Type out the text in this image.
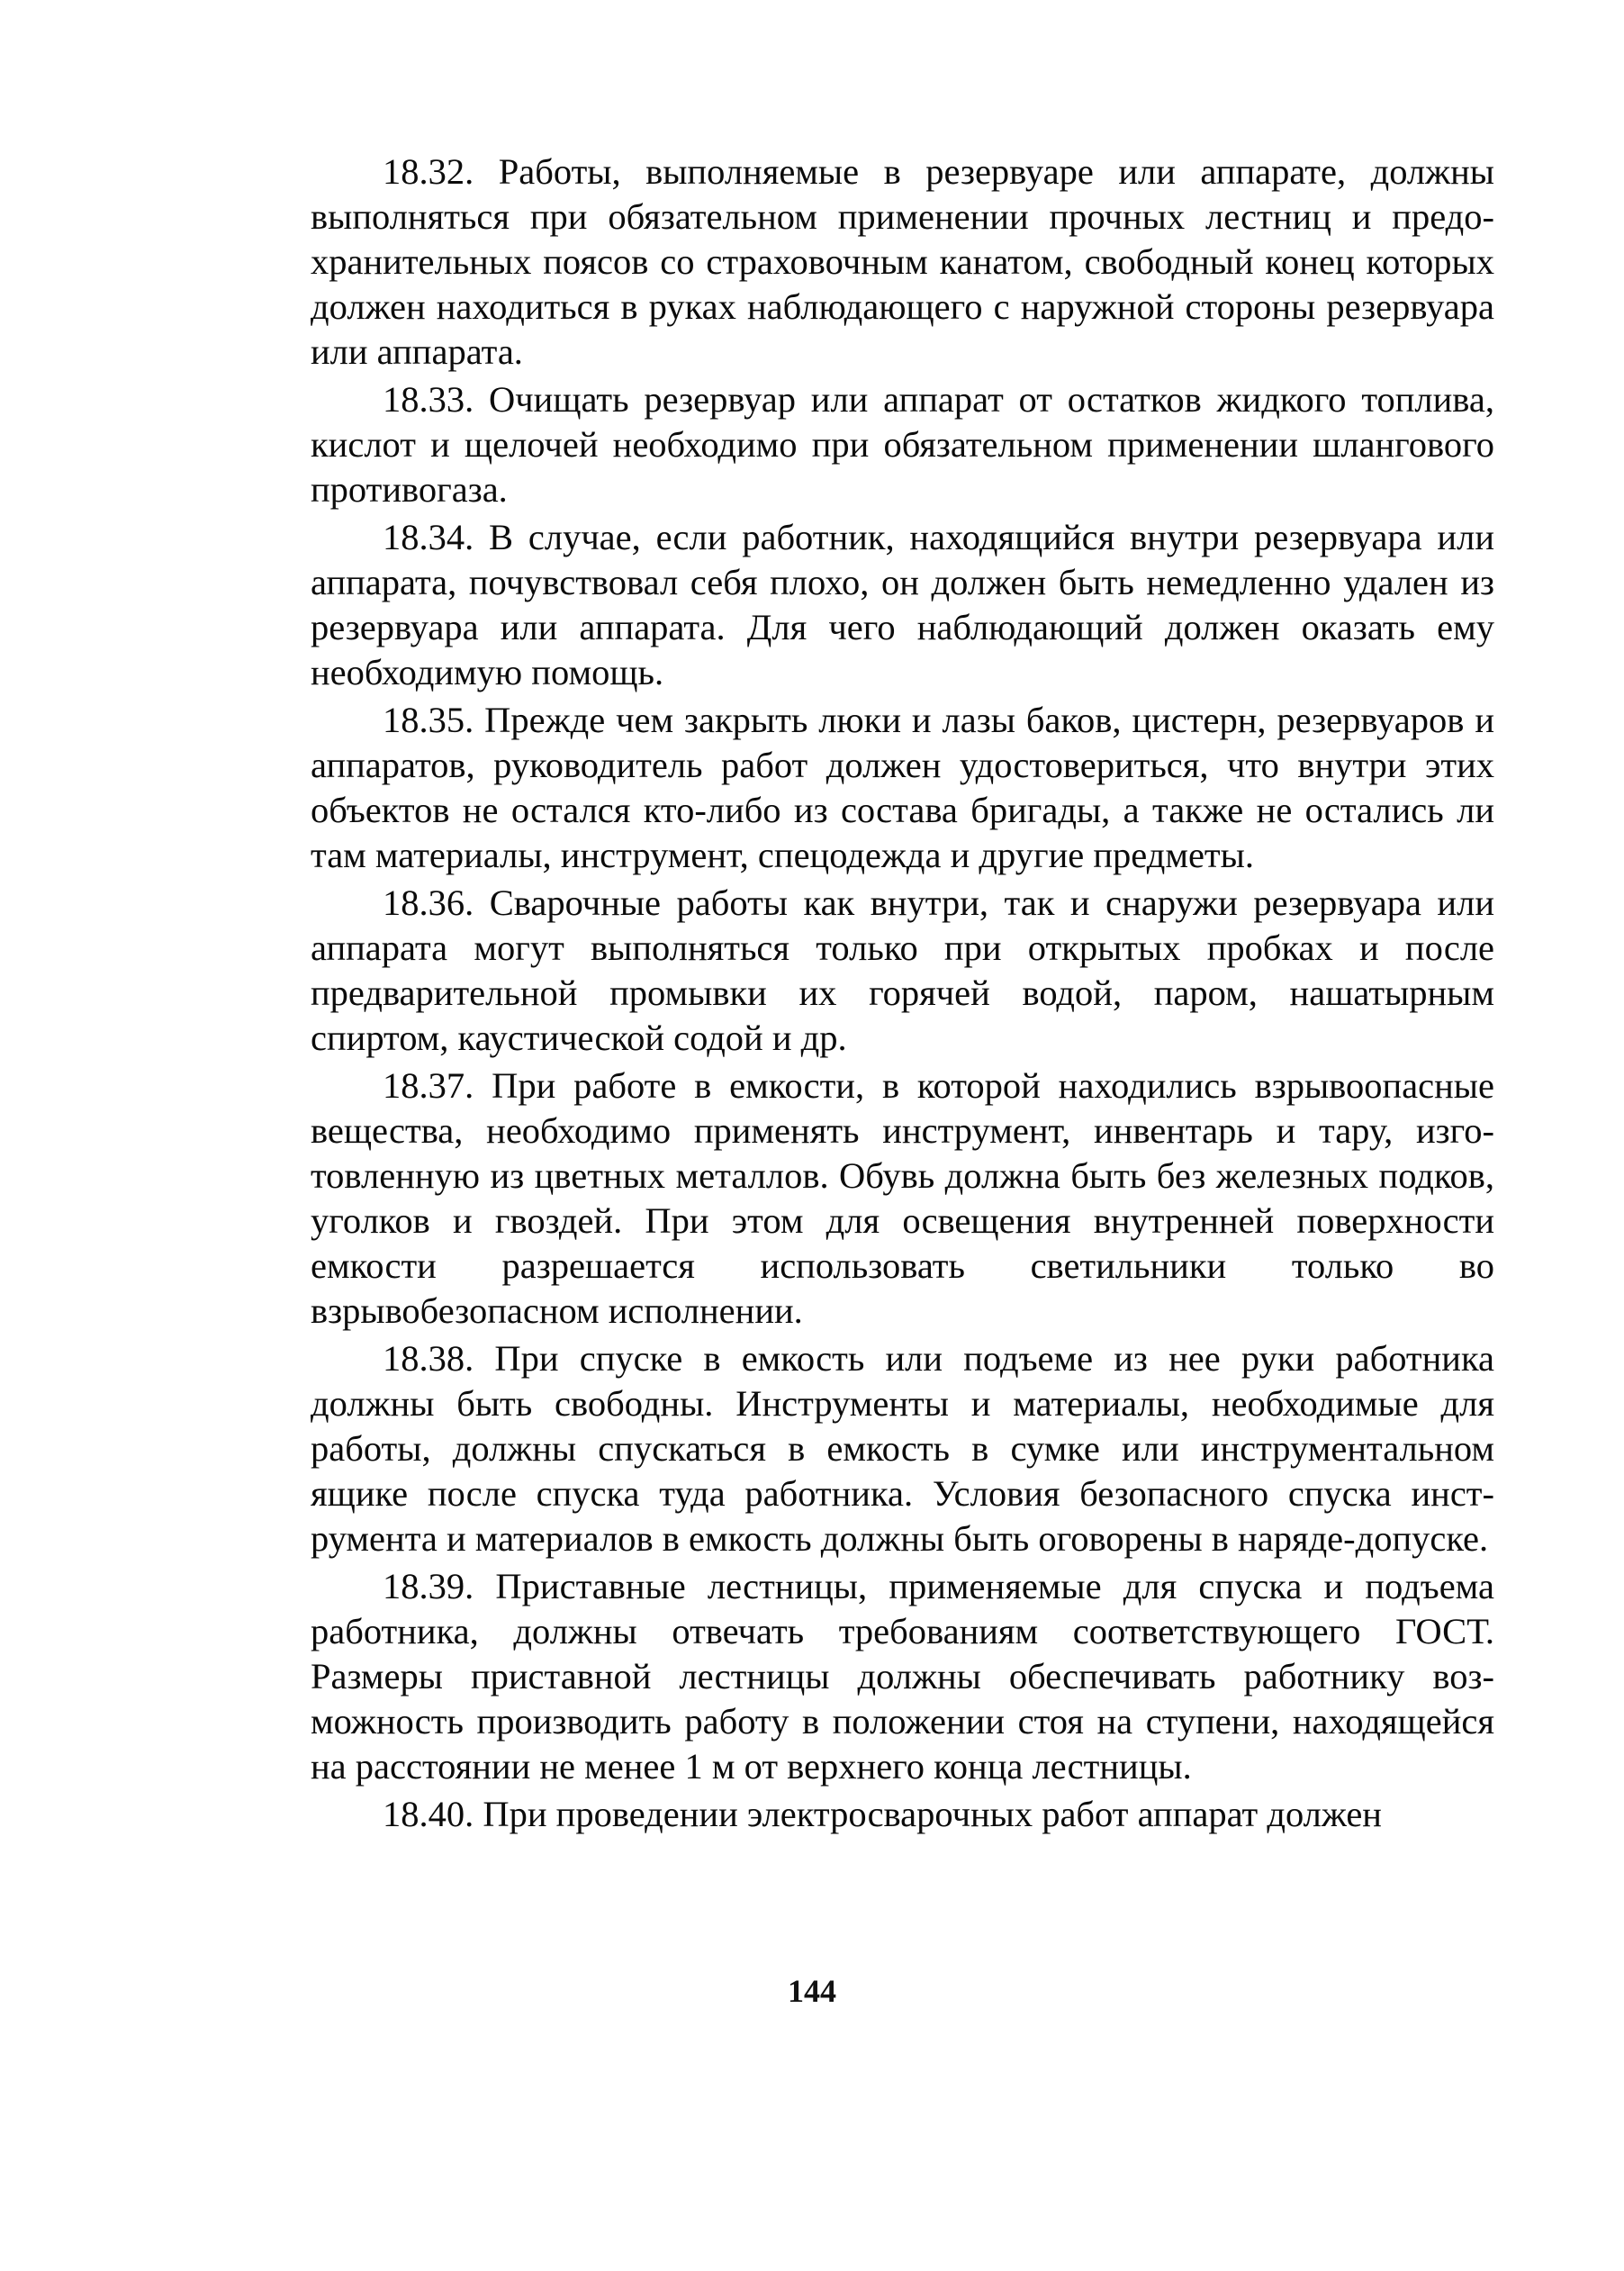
18.32. Работы, выполняемые в резервуаре или аппарате, должны выполняться при обязательном применении прочных лестниц и предохранительных поясов со страховочным канатом, свободный конец которых должен находиться в руках наблюдающего с наружной стороны резервуара или аппарата.

18.33. Очищать резервуар или аппарат от остатков жидкого топлива, кислот и щелочей необходимо при обязательном применении шлангового противогаза.

18.34. В случае, если работник, находящийся внутри резервуара или аппарата, почувствовал себя плохо, он должен быть немедленно удален из резервуара или аппарата. Для чего наблюдающий должен оказать ему необходимую помощь.

18.35. Прежде чем закрыть люки и лазы баков, цистерн, резервуаров и аппаратов, руководитель работ должен удостовериться, что внутри этих объектов не остался кто-либо из состава бригады, а также не остались ли там материалы, инструмент, спецодежда и другие предметы.

18.36. Сварочные работы как внутри, так и снаружи резервуара или аппарата могут выполняться только при открытых пробках и после предварительной промывки их горячей водой, паром, нашатырным спиртом, каустической содой и др.

18.37. При работе в емкости, в которой находились взрывоопасные вещества, необходимо применять инструмент, инвентарь и тару, изготовленную из цветных металлов. Обувь должна быть без железных подков, уголков и гвоздей. При этом для освещения внутренней поверхности емкости разрешается использовать светильники только во взрывобезопасном исполнении.

18.38. При спуске в емкость или подъеме из нее руки работника должны быть свободны. Инструменты и материалы, необходимые для работы, должны спускаться в емкость в сумке или инструментальном ящике после спуска туда работника. Условия безопасного спуска инструмента и материалов в емкость должны быть оговорены в наряде-допуске.

18.39. Приставные лестницы, применяемые для спуска и подъема работника, должны отвечать требованиям соответствующего ГОСТ. Размеры приставной лестницы должны обеспечивать работнику возможность производить работу в положении стоя на ступени, находящейся на расстоянии не менее 1 м от верхнего конца лестницы.

18.40. При проведении электросварочных работ аппарат должен

144
